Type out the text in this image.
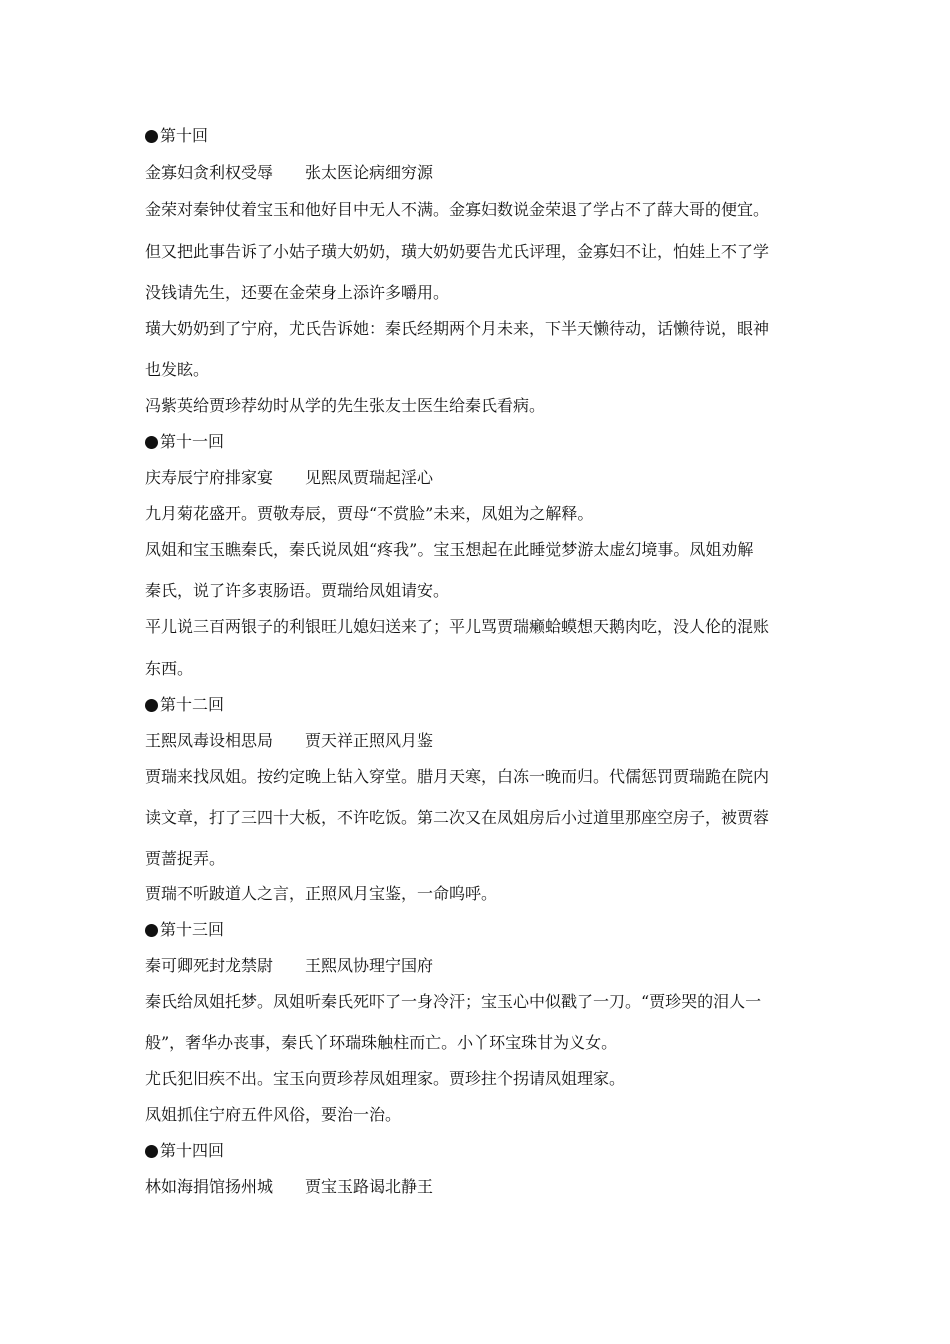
第十回
金寡妇贪利权受辱 张太医论病细穷源
金荣对秦钟仗着宝玉和他好目中无人不满。金寡妇数说金荣退了学占不了薛大哥的便宜。
但又把此事告诉了小姑子璜大奶奶，璜大奶奶要告尤氏评理，金寡妇不让，怕娃上不了学
没钱请先生，还要在金荣身上添许多嚼用。
璜大奶奶到了宁府，尤氏告诉她：秦氏经期两个月未来，下半天懒待动，话懒待说，眼神
也发眩。
冯紫英给贾珍荐幼时从学的先生张友士医生给秦氏看病。
第十一回
庆寿辰宁府排家宴 见熙凤贾瑞起淫心
九月菊花盛开。贾敬寿辰，贾母“不赏脸”未来，凤姐为之解释。
凤姐和宝玉瞧秦氏，秦氏说凤姐“疼我”。宝玉想起在此睡觉梦游太虚幻境事。凤姐劝解
秦氏，说了许多衷肠语。贾瑞给凤姐请安。
平儿说三百两银子的利银旺儿媳妇送来了；平儿骂贾瑞癞蛤蟆想天鹅肉吃，没人伦的混账
东西。
第十二回
王熙凤毒设相思局 贾天祥正照风月鉴
贾瑞来找凤姐。按约定晚上钻入穿堂。腊月天寒，白冻一晚而归。代儒惩罚贾瑞跪在院内
读文章，打了三四十大板，不许吃饭。第二次又在凤姐房后小过道里那座空房子，被贾蓉
贾蔷捉弄。
贾瑞不听跛道人之言，正照风月宝鉴，一命呜呼。
第十三回
秦可卿死封龙禁尉 王熙凤协理宁国府
秦氏给凤姐托梦。凤姐听秦氏死吓了一身冷汗；宝玉心中似戳了一刀。“贾珍哭的泪人一
般”，奢华办丧事，秦氏丫环瑞珠触柱而亡。小丫环宝珠甘为义女。
尤氏犯旧疾不出。宝玉向贾珍荐凤姐理家。贾珍拄个拐请凤姐理家。
凤姐抓住宁府五件风俗，要治一治。
第十四回
林如海捐馆扬州城 贾宝玉路谒北静王
